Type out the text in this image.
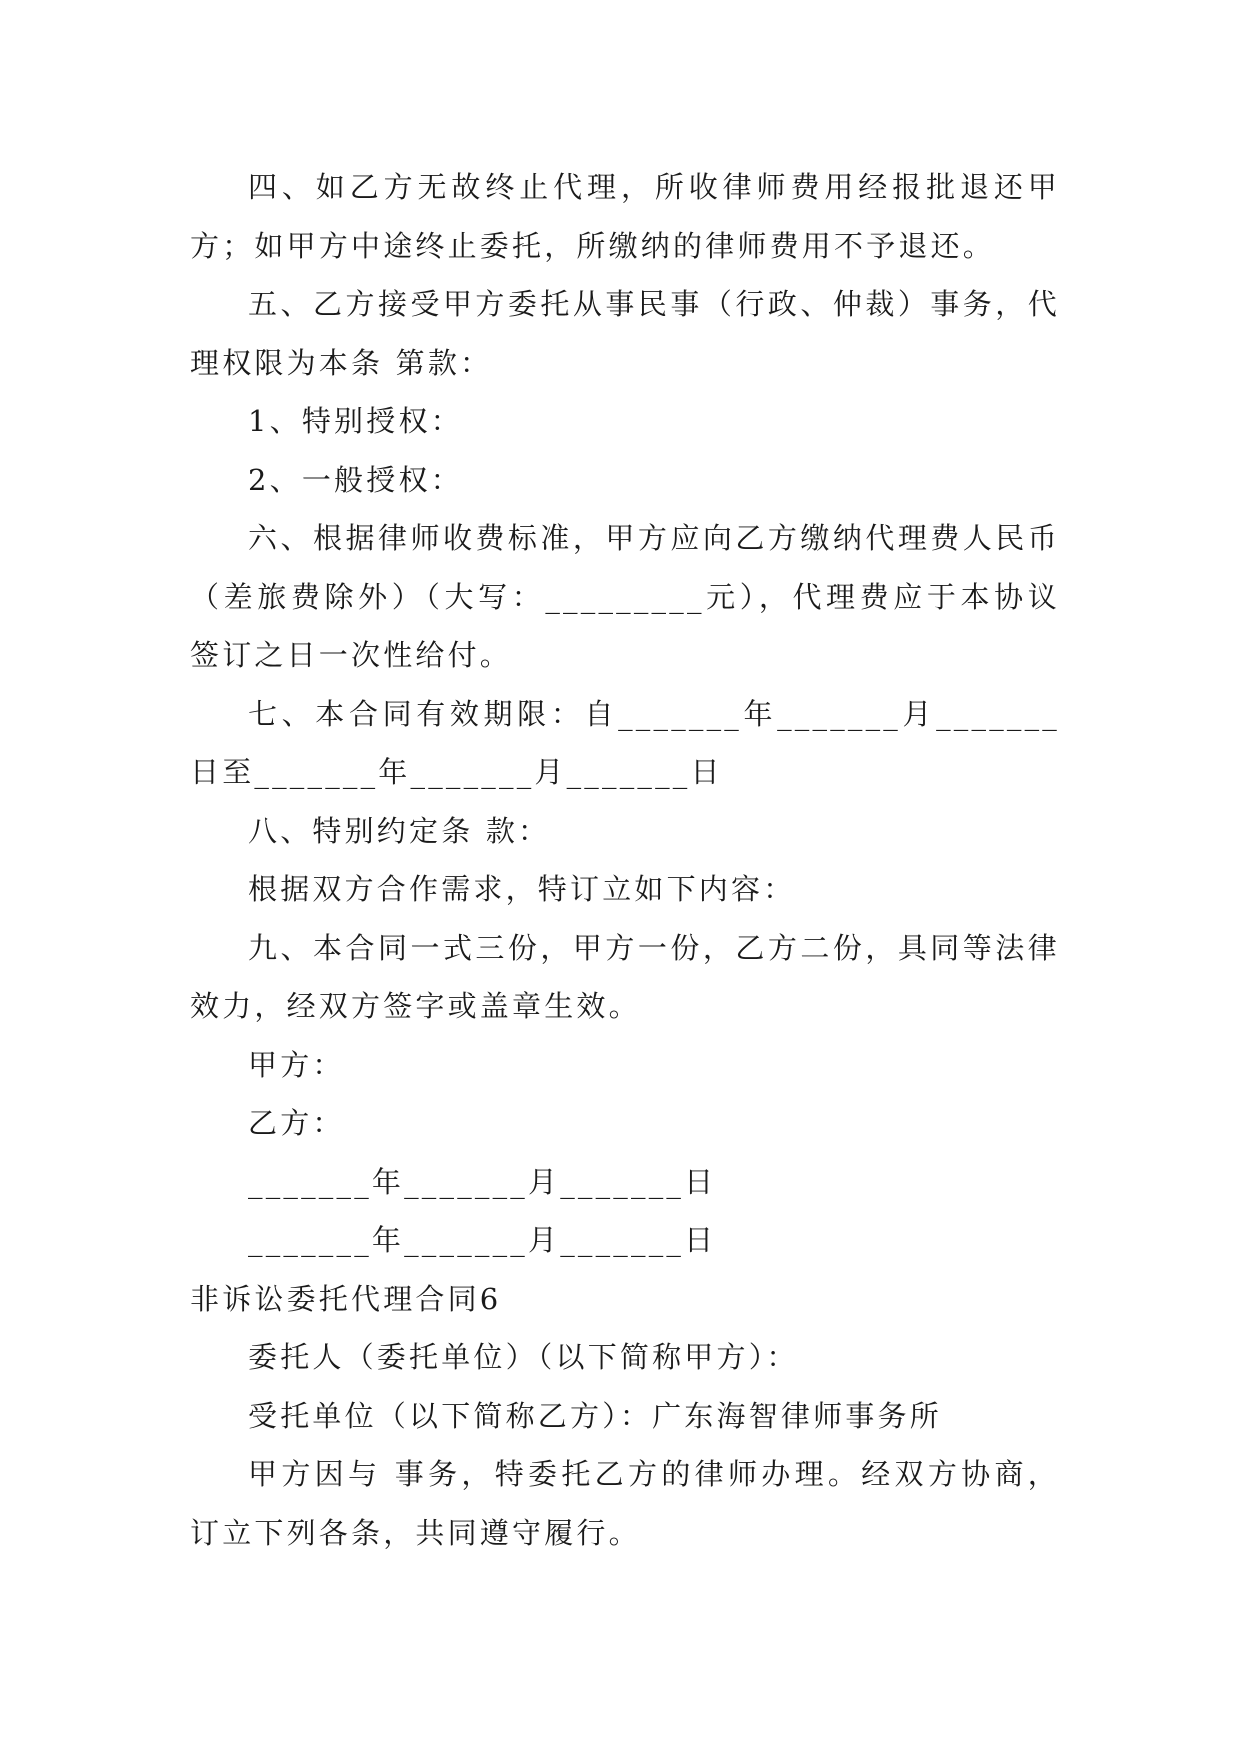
四、如乙方无故终止代理，所收律师费用经报批退还甲方；如甲方中途终止委托，所缴纳的律师费用不予退还。

五、乙方接受甲方委托从事民事（行政、仲裁）事务，代理权限为本条 第款：

1、特别授权：

2、一般授权：

六、根据律师收费标准，甲方应向乙方缴纳代理费人民币（差旅费除外）（大写：_________元），代理费应于本协议签订之日一次性给付。

七、本合同有效期限：自_______年_______月_______日至_______年_______月_______日

八、特别约定条 款：

根据双方合作需求，特订立如下内容：

九、本合同一式三份，甲方一份，乙方二份，具同等法律效力，经双方签字或盖章生效。

甲方：

乙方：

_______年_______月_______日

_______年_______月_______日

非诉讼委托代理合同6

委托人（委托单位）（以下简称甲方）：

受托单位（以下简称乙方）：广东海智律师事务所

甲方因与 事务，特委托乙方的律师办理。经双方协商，订立下列各条，共同遵守履行。
